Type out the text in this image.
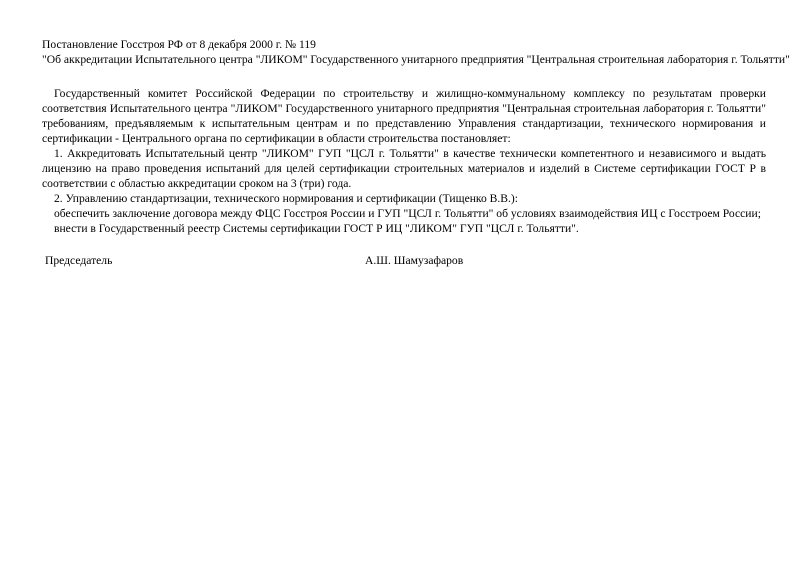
Постановление Госстроя РФ от 8 декабря 2000 г. № 119

"Об аккредитации Испытательного центра "ЛИКОМ" Государственного унитарного предприятия "Центральная строительная лаборатория г. Тольятти"

Государственный комитет Российской Федерации по строительству и жилищно-коммунальному комплексу по результатам проверки соответствия Испытательного центра "ЛИКОМ" Государственного унитарного предприятия "Центральная строительная лаборатория г. Тольятти" требованиям, предъявляемым к испытательным центрам и по представлению Управления стандартизации, технического нормирования и сертификации - Центрального органа по сертификации в области строительства постановляет:

1. Аккредитовать Испытательный центр "ЛИКОМ" ГУП "ЦСЛ г. Тольятти" в качестве технически компетентного и независимого и выдать лицензию на право проведения испытаний для целей сертификации строительных материалов и изделий в Системе сертификации ГОСТ Р в соответствии с областью аккредитации сроком на 3 (три) года.

2. Управлению стандартизации, технического нормирования и сертификации (Тищенко В.В.):

обеспечить заключение договора между ФЦС Госстроя России и ГУП "ЦСЛ г. Тольятти" об условиях взаимодействия ИЦ с Госстроем России;

внести в Государственный реестр Системы сертификации ГОСТ Р ИЦ "ЛИКОМ" ГУП "ЦСЛ г. Тольятти".

Председатель	А.Ш. Шамузафаров
